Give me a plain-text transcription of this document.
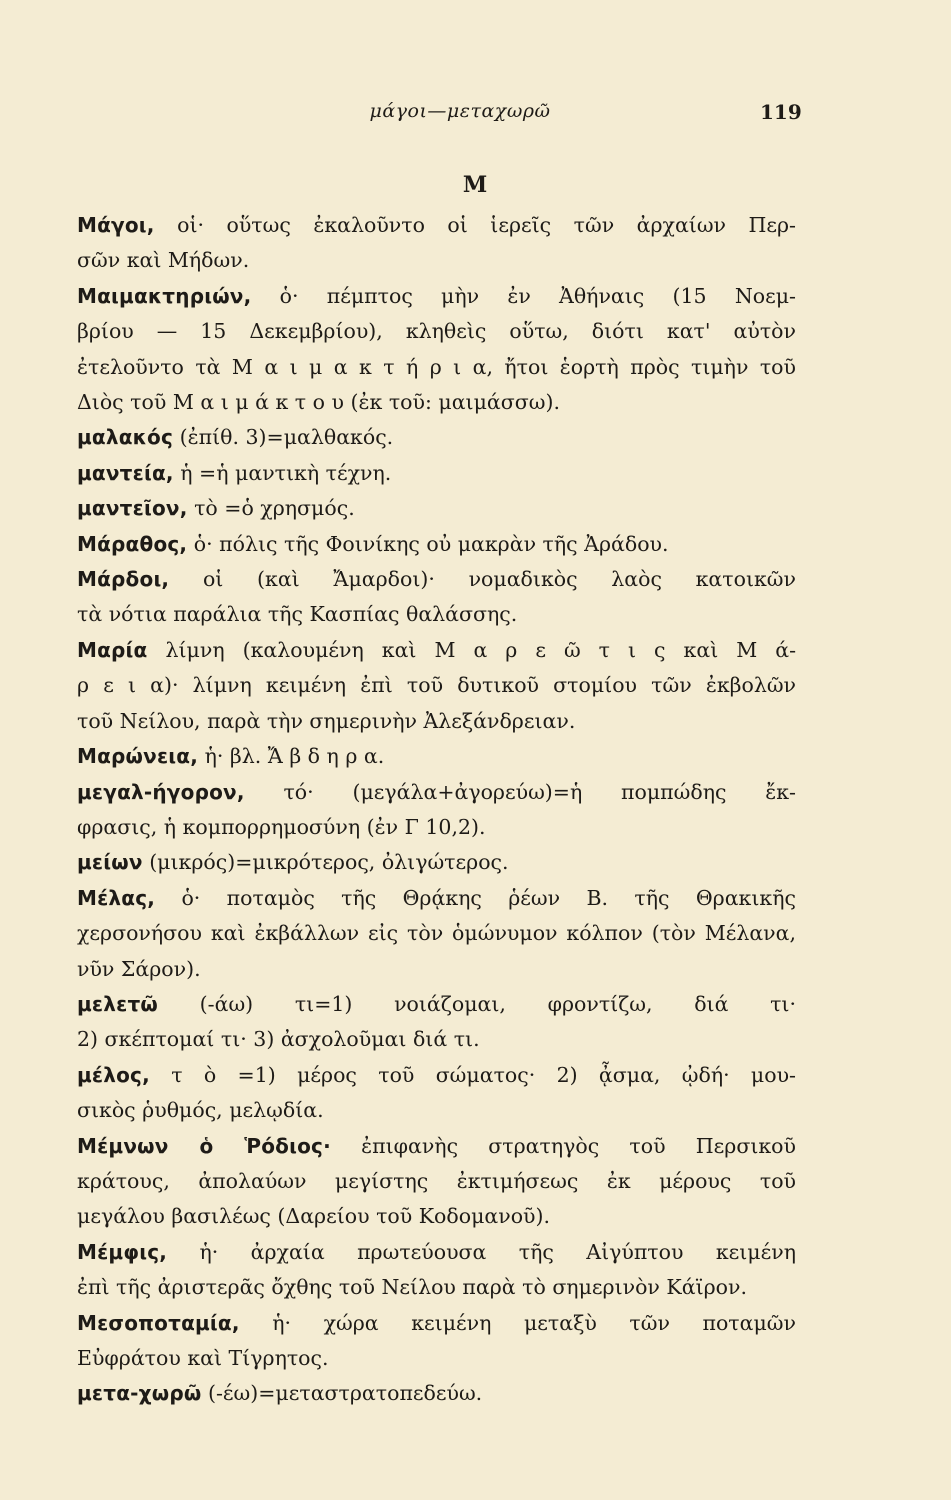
μάγοι—μεταχωρῶ	119
Μ
Μάγοι, οἱ· οὕτως ἐκαλοῦντο οἱ ἱερεῖς τῶν ἀρχαίων Περ-
σῶν καὶ Μήδων.
Μαιμακτηριών, ὁ· πέμπτος μὴν ἐν Ἀθήναις (15 Νοεμ-
βρίου — 15 Δεκεμβρίου), κληθεὶς οὕτω, διότι κατ' αὐτὸν
ἐτελοῦντο τὰ Μ α ι μ α κ τ ή ρ ι α, ἤτοι ἑορτὴ πρὸς τιμὴν τοῦ
Διὸς τοῦ Μ α ι μ ά κ τ ο υ (ἐκ τοῦ: μαιμάσσω).
μαλακός (ἐπίθ. 3)=μαλθακός.
μαντεία, ἡ =ἡ μαντικὴ τέχνη.
μαντεῖον, τὸ =ὁ χρησμός.
Μάραθος, ὁ· πόλις τῆς Φοινίκης οὐ μακρὰν τῆς Ἀράδου.
Μάρδοι, οἱ (καὶ Ἄμαρδοι)· νομαδικὸς λαὸς κατοικῶν
τὰ νότια παράλια τῆς Κασπίας θαλάσσης.
Μαρία λίμνη (καλουμένη καὶ Μ α ρ ε ῶ τ ι ς καὶ Μ ά-
ρ ε ι α)· λίμνη κειμένη ἐπὶ τοῦ δυτικοῦ στομίου τῶν ἐκβολῶν
τοῦ Νείλου, παρὰ τὴν σημερινὴν Ἀλεξάνδρειαν.
Μαρώνεια, ἡ· βλ. Ἄ β δ η ρ α.
μεγαλ-ήγορον, τό· (μεγάλα+ἀγορεύω)=ἡ πομπώδης ἔκ-
φρασις, ἡ κομπορρημοσύνη (ἐν Γ 10,2).
μείων (μικρός)=μικρότερος, ὀλιγώτερος.
Μέλας, ὁ· ποταμὸς τῆς Θρᾴκης ῥέων Β. τῆς Θρακικῆς
χερσονήσου καὶ ἐκβάλλων εἰς τὸν ὁμώνυμον κόλπον (τὸν Μέλανα,
νῦν Σάρον).
μελετῶ (-άω) τι=1) νοιάζομαι, φροντίζω, διά τι·
2) σκέπτομαί τι· 3) ἀσχολοῦμαι διά τι.
μέλος, τ ὸ =1) μέρος τοῦ σώματος· 2) ᾆσμα, ᾠδή· μου-
σικὸς ῥυθμός, μελῳδία.
Μέμνων ὁ Ῥόδιος· ἐπιφανὴς στρατηγὸς τοῦ Περσικοῦ
κράτους, ἀπολαύων μεγίστης ἐκτιμήσεως ἐκ μέρους τοῦ
μεγάλου βασιλέως (Δαρείου τοῦ Κοδομανοῦ).
Μέμφις, ἡ· ἀρχαία πρωτεύουσα τῆς Αἰγύπτου κειμένη
ἐπὶ τῆς ἀριστερᾶς ὄχθης τοῦ Νείλου παρὰ τὸ σημερινὸν Κάϊρον.
Μεσοποταμία, ἡ· χώρα κειμένη μεταξὺ τῶν ποταμῶν
Εὐφράτου καὶ Τίγρητος.
μετα-χωρῶ (-έω)=μεταστρατοπεδεύω.
